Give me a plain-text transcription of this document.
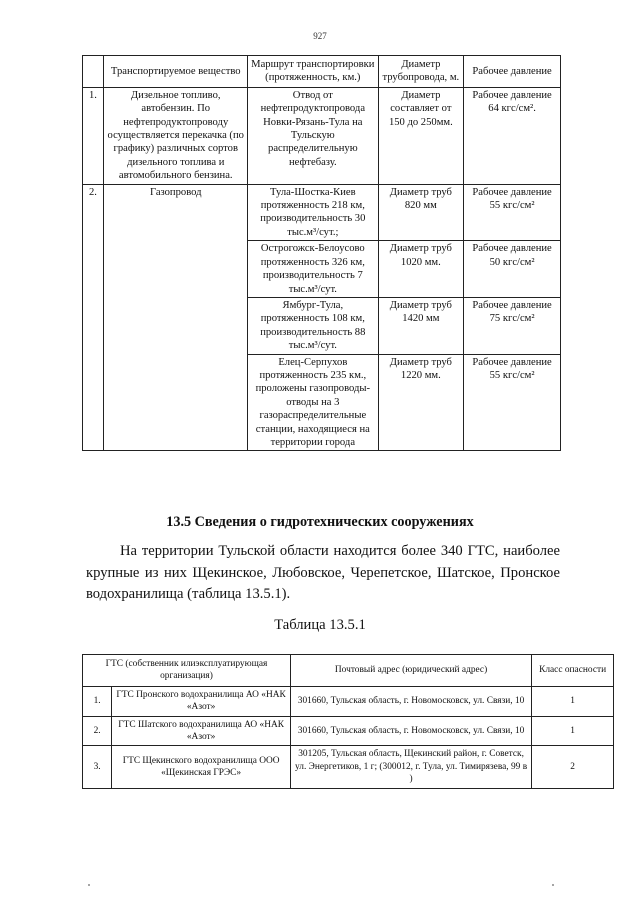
927
	Транспортируемое вещество	Маршрут транспортировки (протяженность, км.)	Диаметр трубопровода, м.	Рабочее давление
1.	Дизельное топливо, автобензин. По нефтепродуктопроводу осуществляется перекачка (по графику) различных сортов дизельного топлива и автомобильного бензина.	Отвод от нефтепродуктопровода Новки-Рязань-Тула на Тульскую распределительную нефтебазу.	Диаметр составляет от 150 до 250мм.	Рабочее давление 64 кгс/см².
2.	Газопровод	Тула-Шостка-Киев протяженность 218 км, производительность 30 тыс.м³/сут.;	Диаметр труб 820 мм	Рабочее давление 55 кгс/см²
		Острогожск-Белоусово протяженность 326 км, производительность 7 тыс.м³/сут.	Диаметр труб 1020 мм.	Рабочее давление 50 кгс/см²
		Ямбург-Тула, протяженность 108 км, производительность 88 тыс.м³/сут.	Диаметр труб 1420 мм	Рабочее давление 75 кгс/см²
		Елец-Серпухов протяженность 235 км., проложены газопроводы-отводы на 3 газораспределительные станции, находящиеся на территории города	Диаметр труб 1220 мм.	Рабочее давление 55 кгс/см²
13.5 Сведения о гидротехнических сооружениях

На территории Тульской области находится более 340 ГТС, наиболее крупные из них Щекинское, Любовское, Черепетское, Шатское, Пронское водохранилища (таблица 13.5.1).

Таблица 13.5.1
ГТС (собственник илиэксплуатирующая организация)		Почтовый адрес (юридический адрес)	Класс опасности
1.	ГТС Пронского водохранилища АО «НАК «Азот»	301660, Тульская область, г. Новомосковск, ул. Связи, 10	1
2.	ГТС Шатского водохранилища АО «НАК «Азот»	301660, Тульская область, г. Новомосковск, ул. Связи, 10	1
3.	ГТС Щекинского водохранилища ООО «Щекинская ГРЭС»	301205, Тульская область, Щекинский район, г. Советск, ул. Энергетиков, 1 г; (300012, г. Тула, ул. Тимирязева, 99 в )	2
